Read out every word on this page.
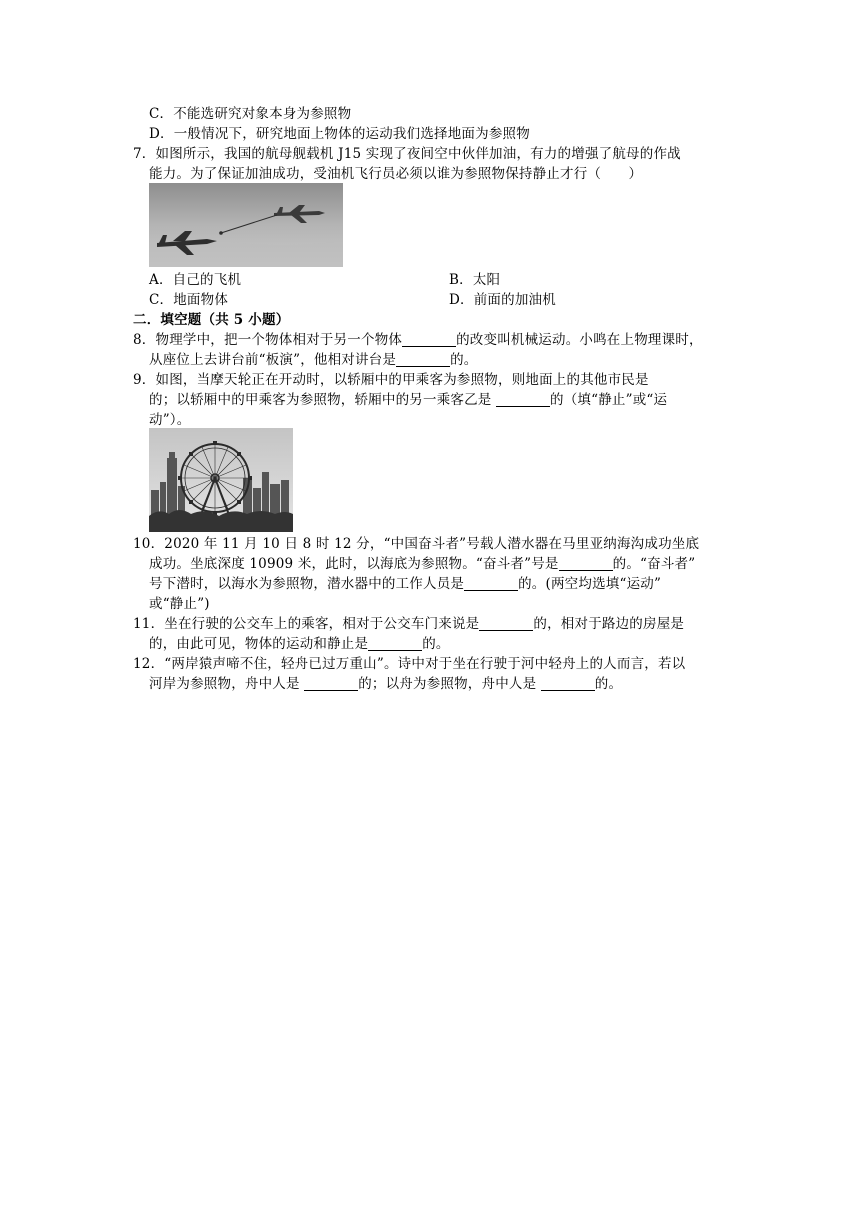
C．不能选研究对象本身为参照物
D．一般情况下，研究地面上物体的运动我们选择地面为参照物
7．如图所示，我国的航母舰载机 J15 实现了夜间空中伙伴加油，有力的增强了航母的作战
能力。为了保证加油成功，受油机飞行员必须以谁为参照物保持静止才行（　　）
A．自己的飞机	B．太阳
C．地面物体	D．前面的加油机
二．填空题（共 5 小题）
8．物理学中，把一个物体相对于另一个物体	的改变叫机械运动。小鸣在上物理课时，
从座位上去讲台前“板演”，他相对讲台是	的。
9．如图，当摩天轮正在开动时，以轿厢中的甲乘客为参照物，则地面上的其他市民是
的；以轿厢中的甲乘客为参照物，轿厢中的另一乘客乙是	的（填“静止”或“运
动”）。
10．2020 年 11 月 10 日 8 时 12 分，“中国奋斗者”号载人潜水器在马里亚纳海沟成功坐底
成功。坐底深度 10909 米，此时，以海底为参照物。“奋斗者”号是	的。“奋斗者”
号下潜时，以海水为参照物，潜水器中的工作人员是	的。(两空均选填“运动”
或“静止”)
11．坐在行驶的公交车上的乘客，相对于公交车门来说是	的，相对于路边的房屋是
的，由此可见，物体的运动和静止是	的。
12．“两岸猿声啼不住，轻舟已过万重山”。诗中对于坐在行驶于河中轻舟上的人而言，若以
河岸为参照物，舟中人是	的；以舟为参照物，舟中人是	的。
